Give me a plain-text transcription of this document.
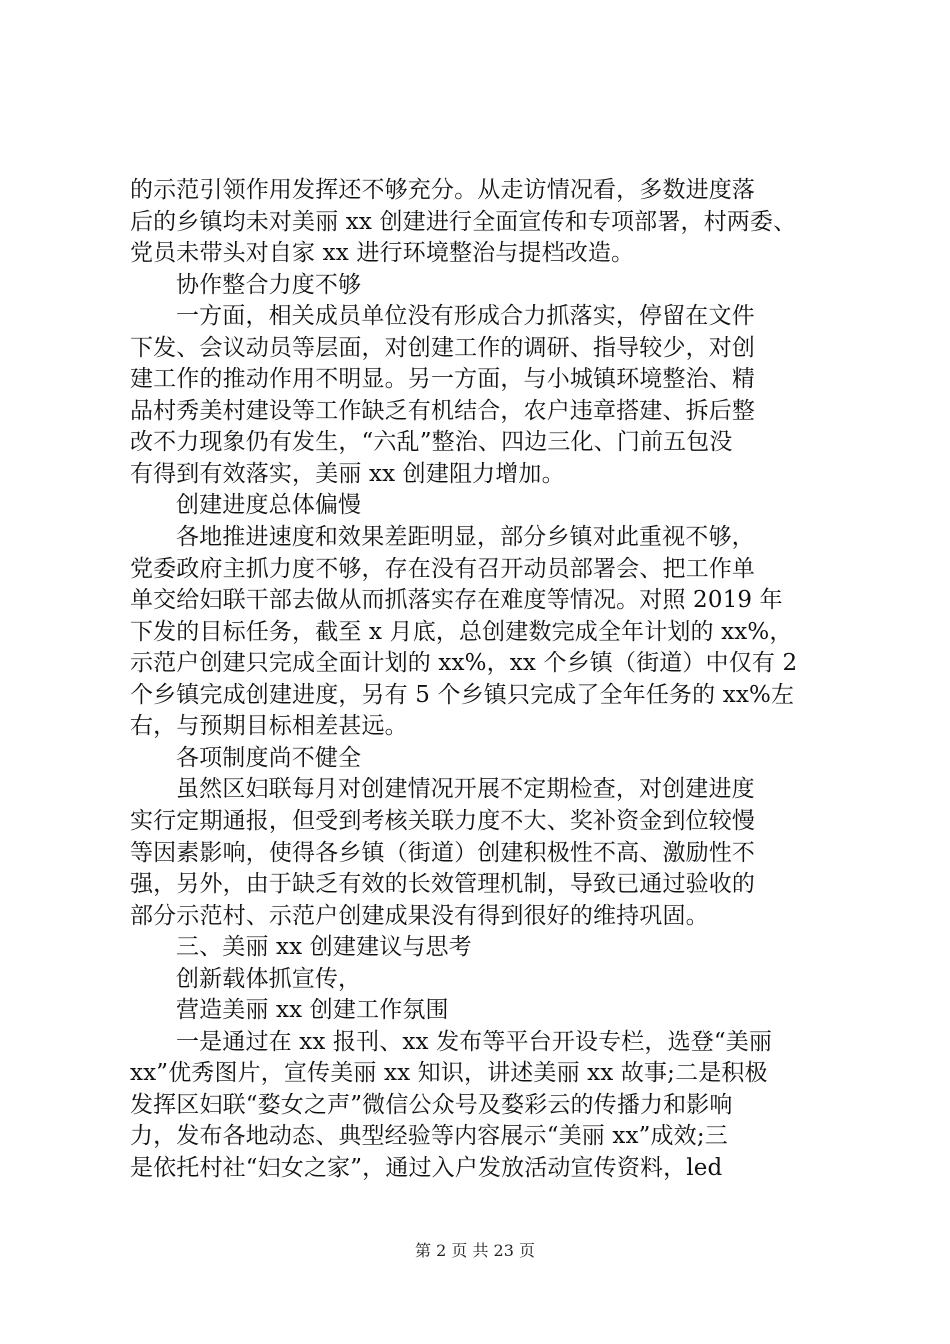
的示范引领作用发挥还不够充分。从走访情况看，多数进度落
后的乡镇均未对美丽 xx 创建进行全面宣传和专项部署，村两委、
党员未带头对自家 xx 进行环境整治与提档改造。
协作整合力度不够
一方面，相关成员单位没有形成合力抓落实，停留在文件
下发、会议动员等层面，对创建工作的调研、指导较少，对创
建工作的推动作用不明显。另一方面，与小城镇环境整治、精
品村秀美村建设等工作缺乏有机结合，农户违章搭建、拆后整
改不力现象仍有发生，“六乱”整治、四边三化、门前五包没
有得到有效落实，美丽 xx 创建阻力增加。
创建进度总体偏慢
各地推进速度和效果差距明显，部分乡镇对此重视不够，
党委政府主抓力度不够，存在没有召开动员部署会、把工作单
单交给妇联干部去做从而抓落实存在难度等情况。对照 2019 年
下发的目标任务，截至 x 月底，总创建数完成全年计划的 xx%，
示范户创建只完成全面计划的 xx%，xx 个乡镇（街道）中仅有 2
个乡镇完成创建进度，另有 5 个乡镇只完成了全年任务的 xx%左
右，与预期目标相差甚远。
各项制度尚不健全
虽然区妇联每月对创建情况开展不定期检查，对创建进度
实行定期通报，但受到考核关联力度不大、奖补资金到位较慢
等因素影响，使得各乡镇（街道）创建积极性不高、激励性不
强，另外，由于缺乏有效的长效管理机制，导致已通过验收的
部分示范村、示范户创建成果没有得到很好的维持巩固。
三、美丽 xx 创建建议与思考
创新载体抓宣传，
营造美丽 xx 创建工作氛围
一是通过在 xx 报刊、xx 发布等平台开设专栏，选登“美丽
xx”优秀图片，宣传美丽 xx 知识，讲述美丽 xx 故事;二是积极
发挥区妇联“婺女之声”微信公众号及婺彩云的传播力和影响
力，发布各地动态、典型经验等内容展示“美丽 xx”成效;三
是依托村社“妇女之家”，通过入户发放活动宣传资料，led
第 2 页 共 23 页
